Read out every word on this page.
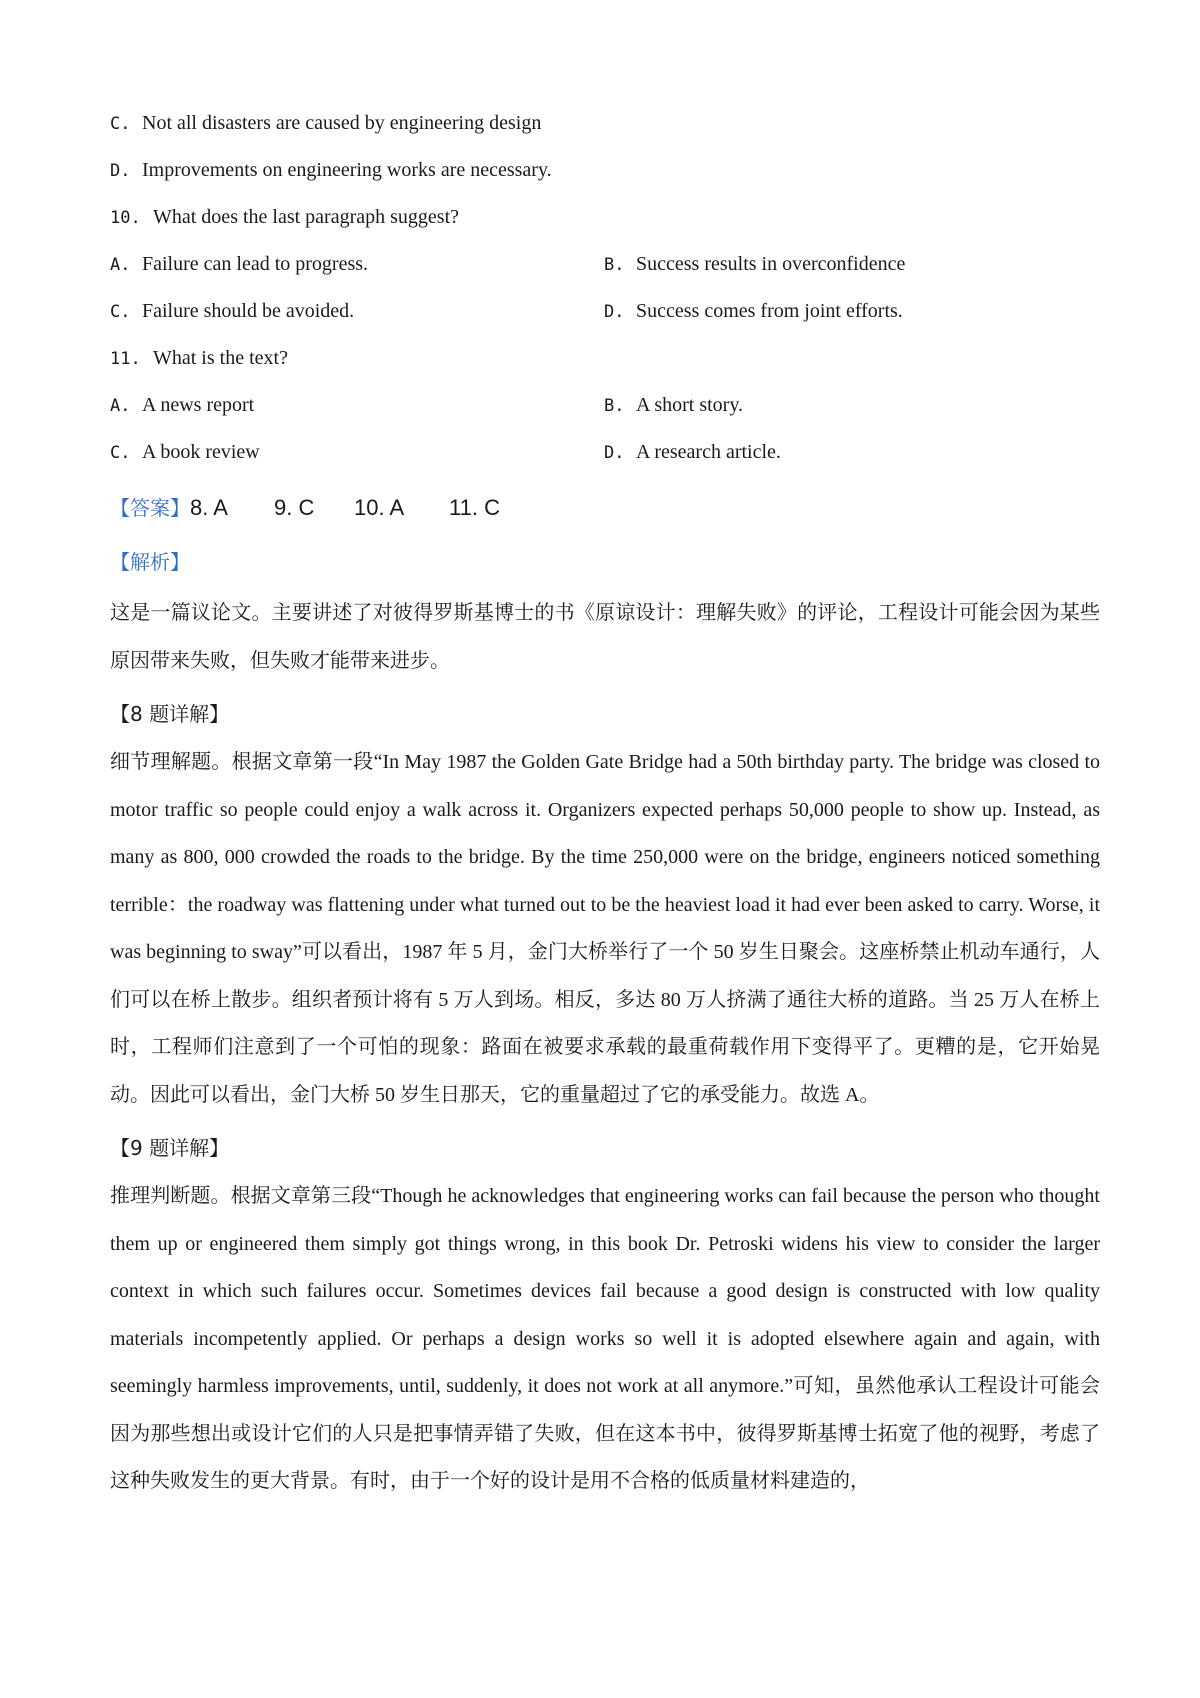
C. Not all disasters are caused by engineering design
D. Improvements on engineering works are necessary.
10. What does the last paragraph suggest?
A. Failure can lead to progress.	B. Success results in overconfidence
C. Failure should be avoided.	D. Success comes from joint efforts.
11. What is the text?
A. A news report	B. A short story.
C. A book review	D. A research article.
【答案】8. A 9. C 10. A 11. C
【解析】
这是一篇议论文。主要讲述了对彼得罗斯基博士的书《原谅设计：理解失败》的评论，工程设计可能会因为某些原因带来失败，但失败才能带来进步。
【8 题详解】
细节理解题。根据文章第一段“In May 1987 the Golden Gate Bridge had a 50th birthday party. The bridge was closed to motor traffic so people could enjoy a walk across it. Organizers expected perhaps 50,000 people to show up. Instead, as many as 800, 000 crowded the roads to the bridge. By the time 250,000 were on the bridge, engineers noticed something terrible：the roadway was flattening under what turned out to be the heaviest load it had ever been asked to carry. Worse, it was beginning to sway”可以看出，1987 年 5 月，金门大桥举行了一个 50 岁生日聚会。这座桥禁止机动车通行，人们可以在桥上散步。组织者预计将有 5 万人到场。相反，多达 80 万人挤满了通往大桥的道路。当 25 万人在桥上时，工程师们注意到了一个可怕的现象：路面在被要求承载的最重荷载作用下变得平了。更糟的是，它开始晃动。因此可以看出，金门大桥 50 岁生日那天，它的重量超过了它的承受能力。故选 A。
【9 题详解】
推理判断题。根据文章第三段“Though he acknowledges that engineering works can fail because the person who thought them up or engineered them simply got things wrong, in this book Dr. Petroski widens his view to consider the larger context in which such failures occur. Sometimes devices fail because a good design is constructed with low quality materials incompetently applied. Or perhaps a design works so well it is adopted elsewhere again and again, with seemingly harmless improvements, until, suddenly, it does not work at all anymore.”可知，虽然他承认工程设计可能会因为那些想出或设计它们的人只是把事情弄错了失败，但在这本书中，彼得罗斯基博士拓宽了他的视野，考虑了这种失败发生的更大背景。有时，由于一个好的设计是用不合格的低质量材料建造的，
